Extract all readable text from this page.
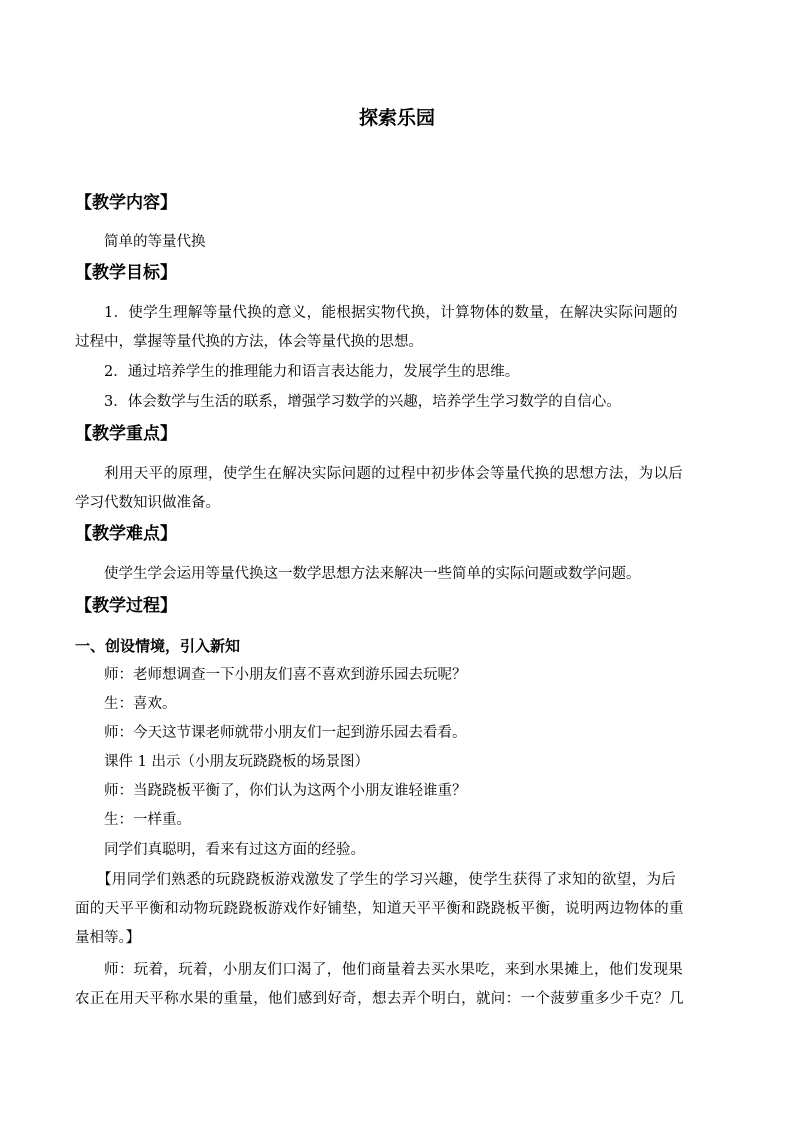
探索乐园
【教学内容】
简单的等量代换
【教学目标】
1．使学生理解等量代换的意义，能根据实物代换，计算物体的数量，在解决实际问题的
过程中，掌握等量代换的方法，体会等量代换的思想。
2．通过培养学生的推理能力和语言表达能力，发展学生的思维。
3．体会数学与生活的联系，增强学习数学的兴趣，培养学生学习数学的自信心。
【教学重点】
利用天平的原理，使学生在解决实际问题的过程中初步体会等量代换的思想方法，为以后
学习代数知识做准备。
【教学难点】
使学生学会运用等量代换这一数学思想方法来解决一些简单的实际问题或数学问题。
【教学过程】
一、创设情境，引入新知
师：老师想调查一下小朋友们喜不喜欢到游乐园去玩呢？
生：喜欢。
师：今天这节课老师就带小朋友们一起到游乐园去看看。
课件 1 出示（小朋友玩跷跷板的场景图）
师：当跷跷板平衡了，你们认为这两个小朋友谁轻谁重？
生：一样重。
同学们真聪明，看来有过这方面的经验。
【用同学们熟悉的玩跷跷板游戏激发了学生的学习兴趣，使学生获得了求知的欲望，为后
面的天平平衡和动物玩跷跷板游戏作好铺垫，知道天平平衡和跷跷板平衡，说明两边物体的重
量相等。】
师：玩着，玩着，小朋友们口渴了，他们商量着去买水果吃，来到水果摊上，他们发现果
农正在用天平称水果的重量，他们感到好奇，想去弄个明白，就问：一个菠萝重多少千克？几
